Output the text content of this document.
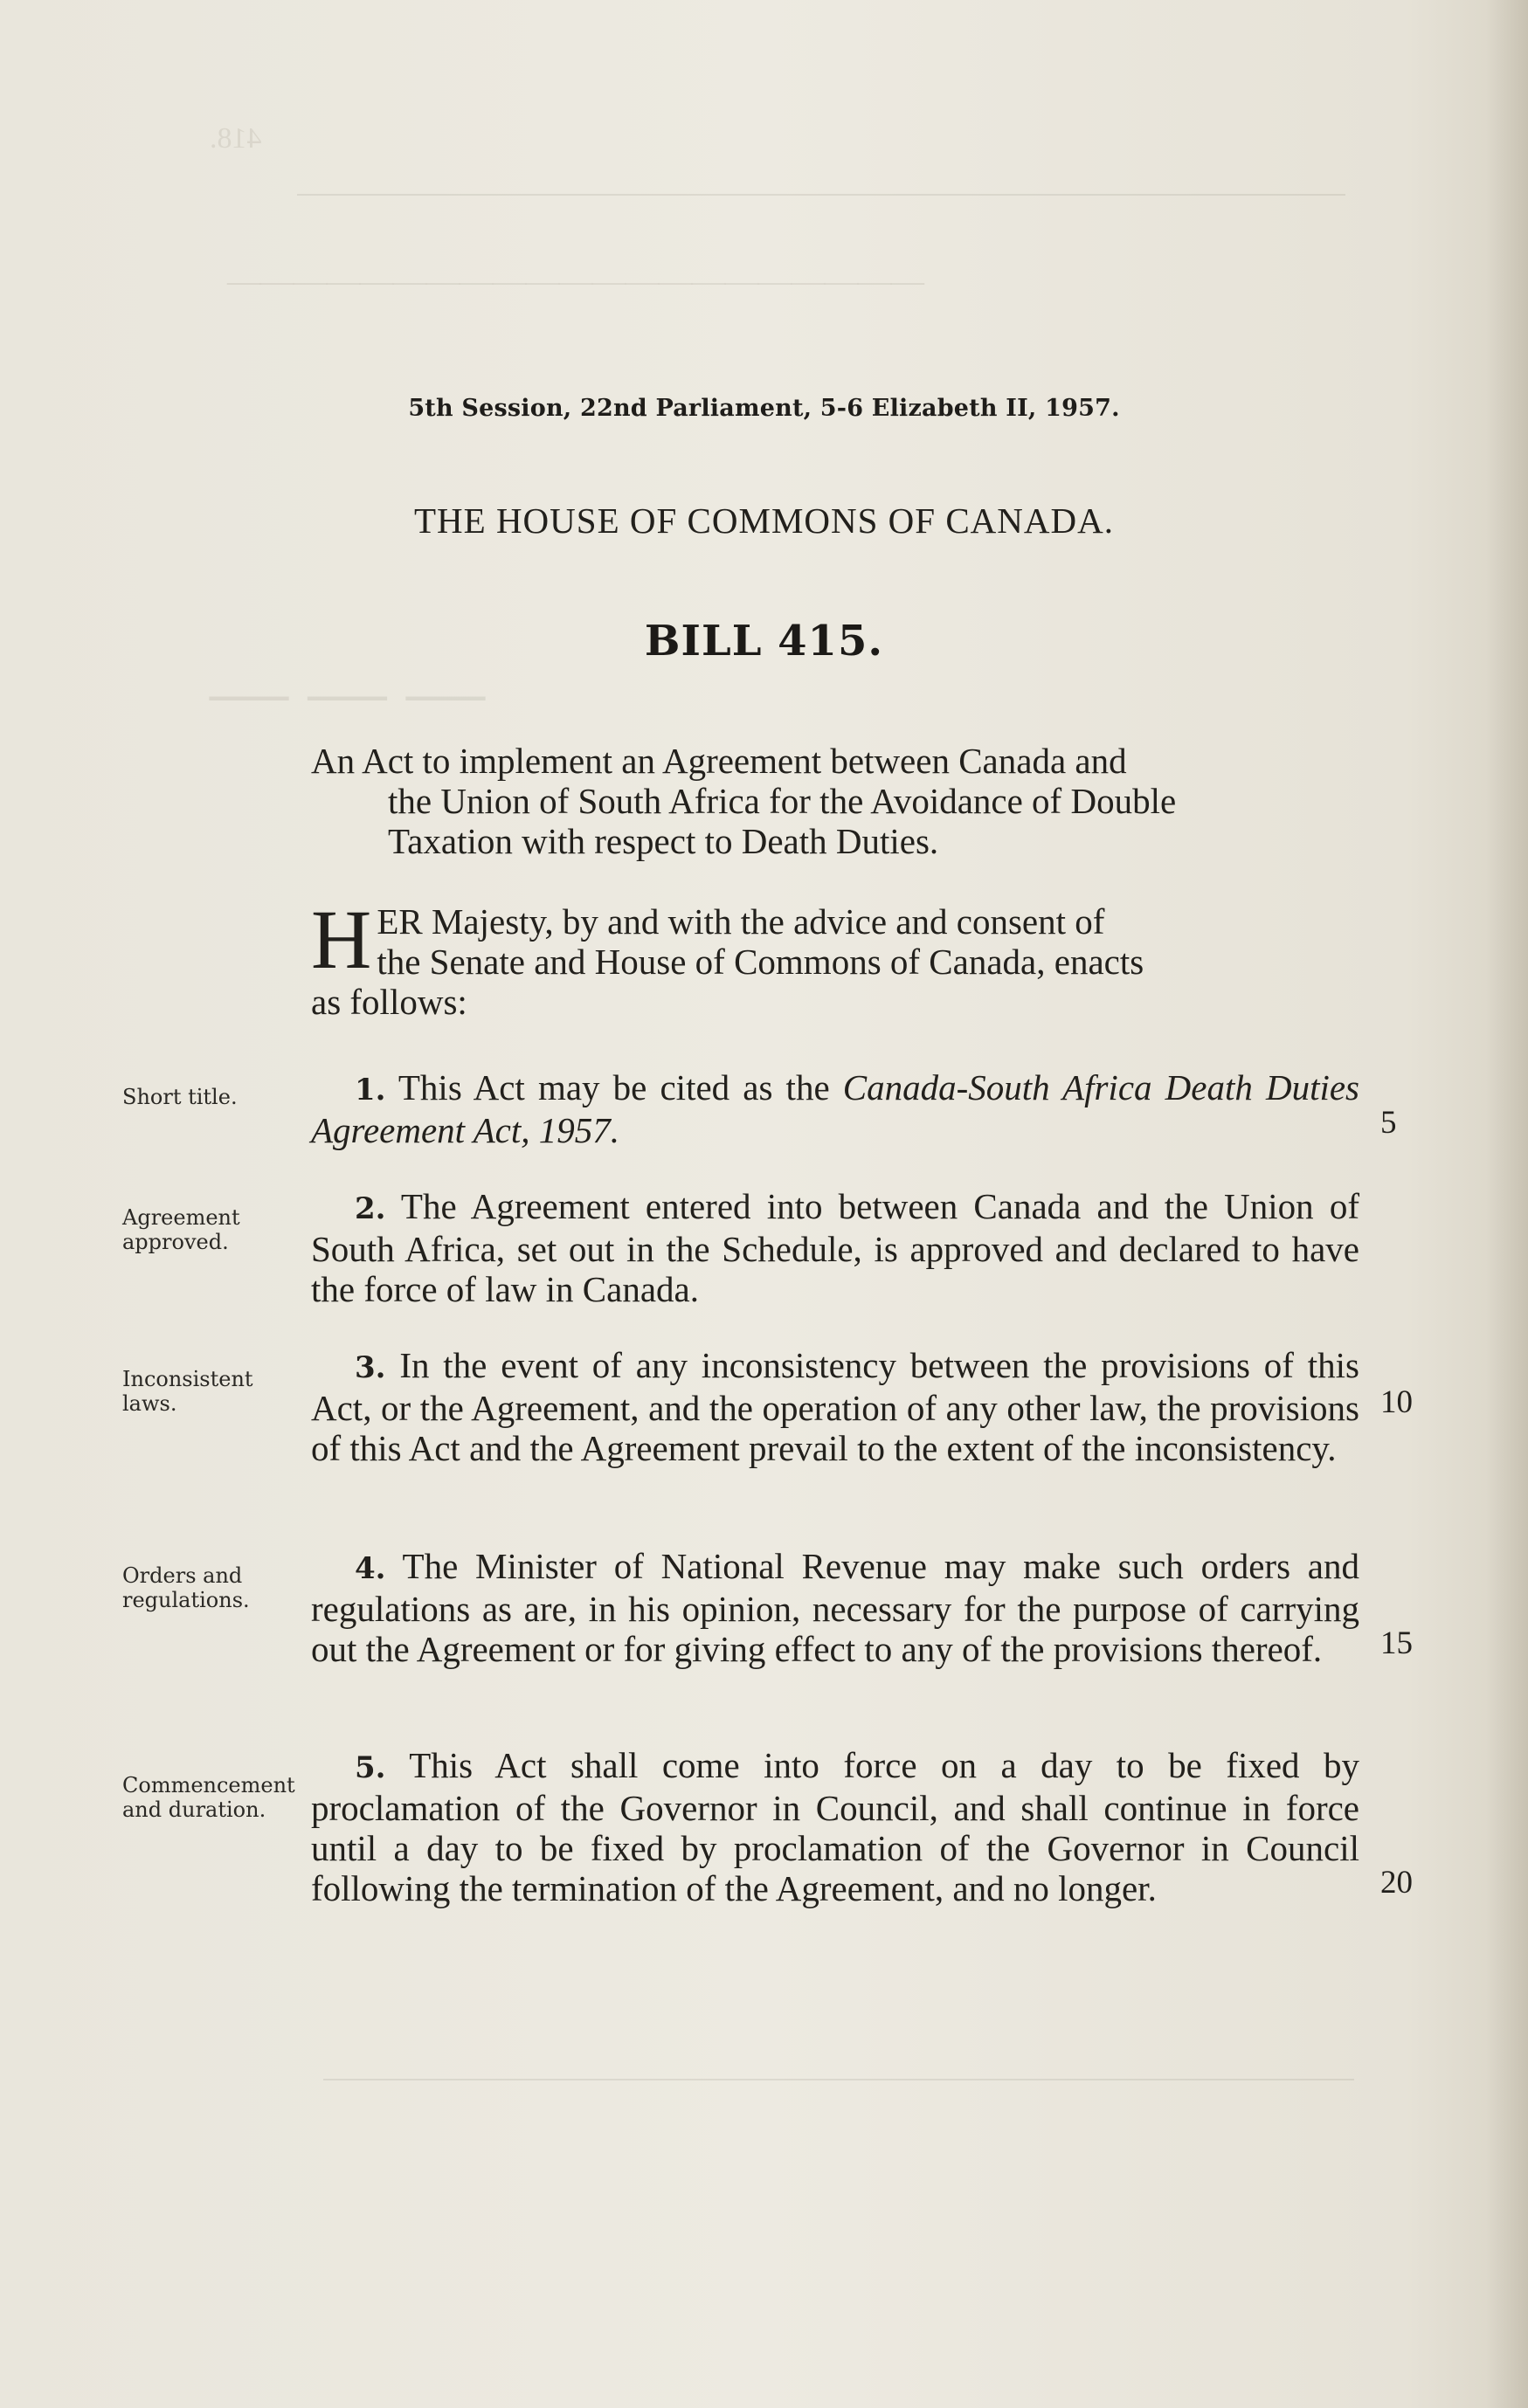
418.
—————————————————————
— — —
5th Session, 22nd Parliament, 5-6 Elizabeth II, 1957.
THE HOUSE OF COMMONS OF CANADA.
BILL 415.
An Act to implement an Agreement between Canada and

the Union of South Africa for the Avoidance of Double
Taxation with respect to Death Duties.
H ER Majesty, by and with the advice and consent of
the Senate and House of Commons of Canada, enacts
as follows:
Short title.	1. This Act may be cited as the Canada-South Africa Death Duties Agreement Act, 1957.
Agreement approved.
2. The Agreement entered into between Canada and the Union of South Africa, set out in the Schedule, is approved and declared to have the force of law in Canada.
Inconsistent laws.
3. In the event of any inconsistency between the provisions of this Act, or the Agreement, and the operation of any other law, the provisions of this Act and the Agreement prevail to the extent of the inconsistency.
Orders and regulations.
4. The Minister of National Revenue may make such orders and regulations as are, in his opinion, necessary for the purpose of carrying out the Agreement or for giving effect to any of the provisions thereof.
Commencement and duration.
5. This Act shall come into force on a day to be fixed by proclamation of the Governor in Council, and shall continue in force until a day to be fixed by proclamation of the Governor in Council following the termination of the Agreement, and no longer.
5
10
15
20
